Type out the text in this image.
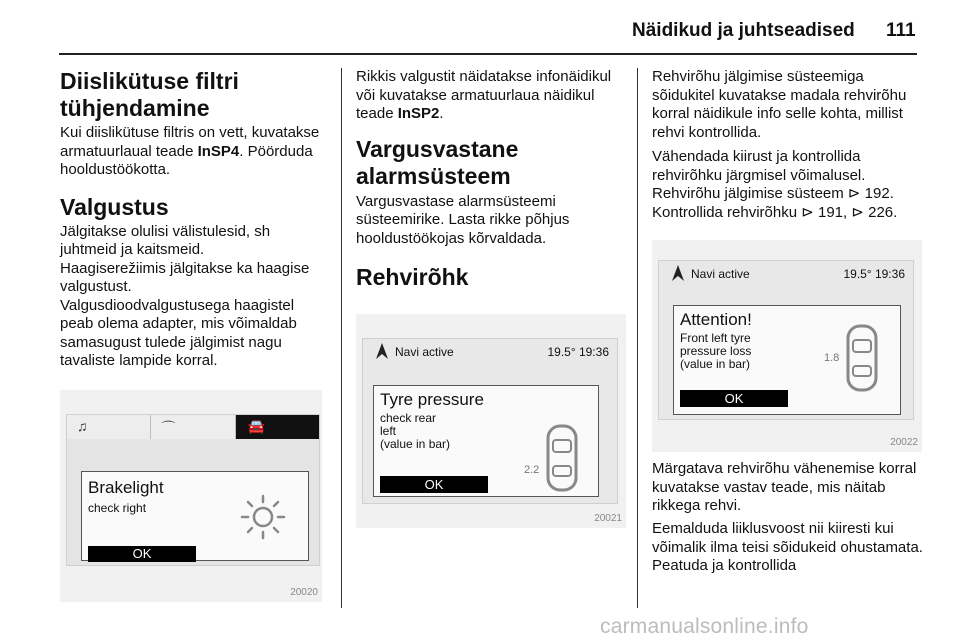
Näidikud ja juhtseadised 111
Diislikütuse filtri
tühjendamine

Kui diislikütuse filtris on vett, kuvatakse armatuurlaual teade InSP4. Pöörduda hooldustöökotta.

Valgustus

Jälgitakse olulisi välistulesid, sh juhtmeid ja kaitsmeid.

Haagiserežiimis jälgitakse ka haagise valgustust.

Valgusdioodvalgustusega haagistel peab olema adapter, mis võimaldab samasugust tulede jälgimist nagu tavaliste lampide korral.

♫	⌒	🚘
Brakelight
check right
OK
20020

Rikkis valgustit näidatakse infonäidikul või kuvatakse armatuurlaua näidikul teade InSP2.

Vargusvastane
alarmsüsteem

Vargusvastase alarmsüsteemi süsteemirike. Lasta rikke põhjus hooldustöökojas kõrvaldada.

Rehvirõhk
Navi active	19.5° 19:36
Tyre pressure
check rear
left
(value in bar)
2.2
OK
20021

Rehvirõhu jälgimise süsteemiga sõidukitel kuvatakse madala rehvirõhu korral näidikule info selle kohta, millist rehvi kontrollida.

Vähendada kiirust ja kontrollida rehvirõhku järgmisel võimalusel.

Rehvirõhu jälgimise süsteem ⊳ 192.

Kontrollida rehvirõhku ⊳ 191, ⊳ 226.

Navi active	19.5° 19:36
Attention!
Front left tyre
pressure loss
(value in bar)	1.8
OK
20022

Märgatava rehvirõhu vähenemise korral kuvatakse vastav teade, mis näitab rikkega rehvi.

Eemalduda liiklusvoost nii kiiresti kui võimalik ilma teisi sõidukeid ohustamata. Peatuda ja kontrollida

carmanualsonline.info
